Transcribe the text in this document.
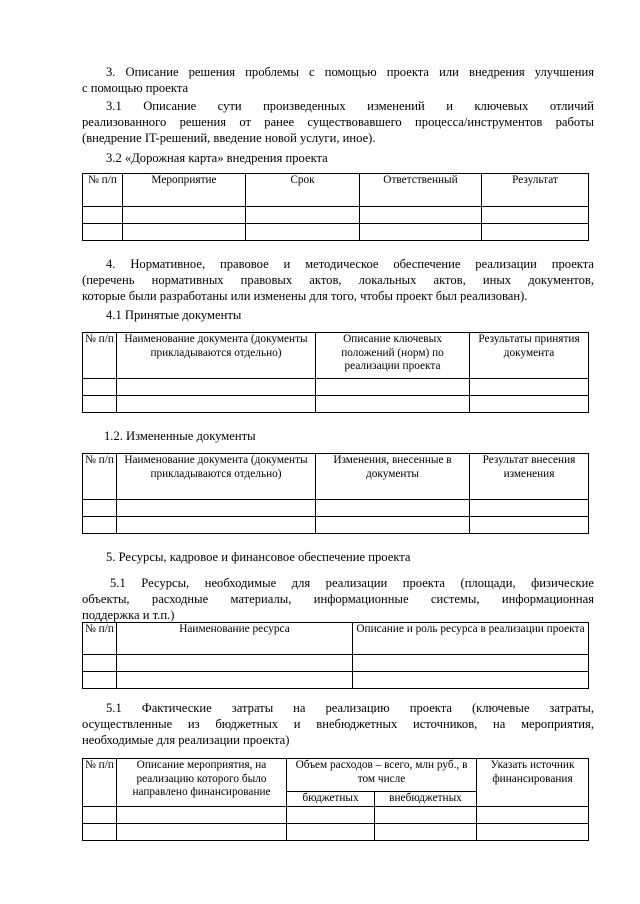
3. Описание решения проблемы с помощью проекта или внедрения улучшения

с помощью проекта

3.1 Описание сути произведенных изменений и ключевых отличий

реализованного решения от ранее существовавшего процесса/инструментов работы

(внедрение IT-решений, введение новой услуги, иное).

3.2 «Дорожная карта» внедрения проекта

№ п/п	Мероприятие	Срок	Ответственный	Результат

4. Нормативное, правовое и методическое обеспечение реализации проекта

(перечень нормативных правовых актов, локальных актов, иных документов,

которые были разработаны или изменены для того, чтобы проект был реализован).

4.1 Принятые документы

№ п/п	Наименование документа (документы прикладываются отдельно)	Описание ключевых положений (норм) по реализации проекта	Результаты принятия документа

1.2. Измененные документы

№ п/п	Наименование документа (документы прикладываются отдельно)	Изменения, внесенные в документы	Результат внесения изменения

5. Ресурсы, кадровое и финансовое обеспечение проекта

5.1 Ресурсы, необходимые для реализации проекта (площади, физические

объекты, расходные материалы, информационные системы, информационная

поддержка и т.п.)

№ п/п	Наименование ресурса	Описание и роль ресурса в реализации проекта

5.1 Фактические затраты на реализацию проекта (ключевые затраты,

осуществленные из бюджетных и внебюджетных источников, на мероприятия,

необходимые для реализации проекта)

№ п/п	Описание мероприятия, на реализацию которого было направлено финансирование	Объем расходов – всего, млн руб., в том числе		Указать источник финансирования
		бюджетных	внебюджетных	
